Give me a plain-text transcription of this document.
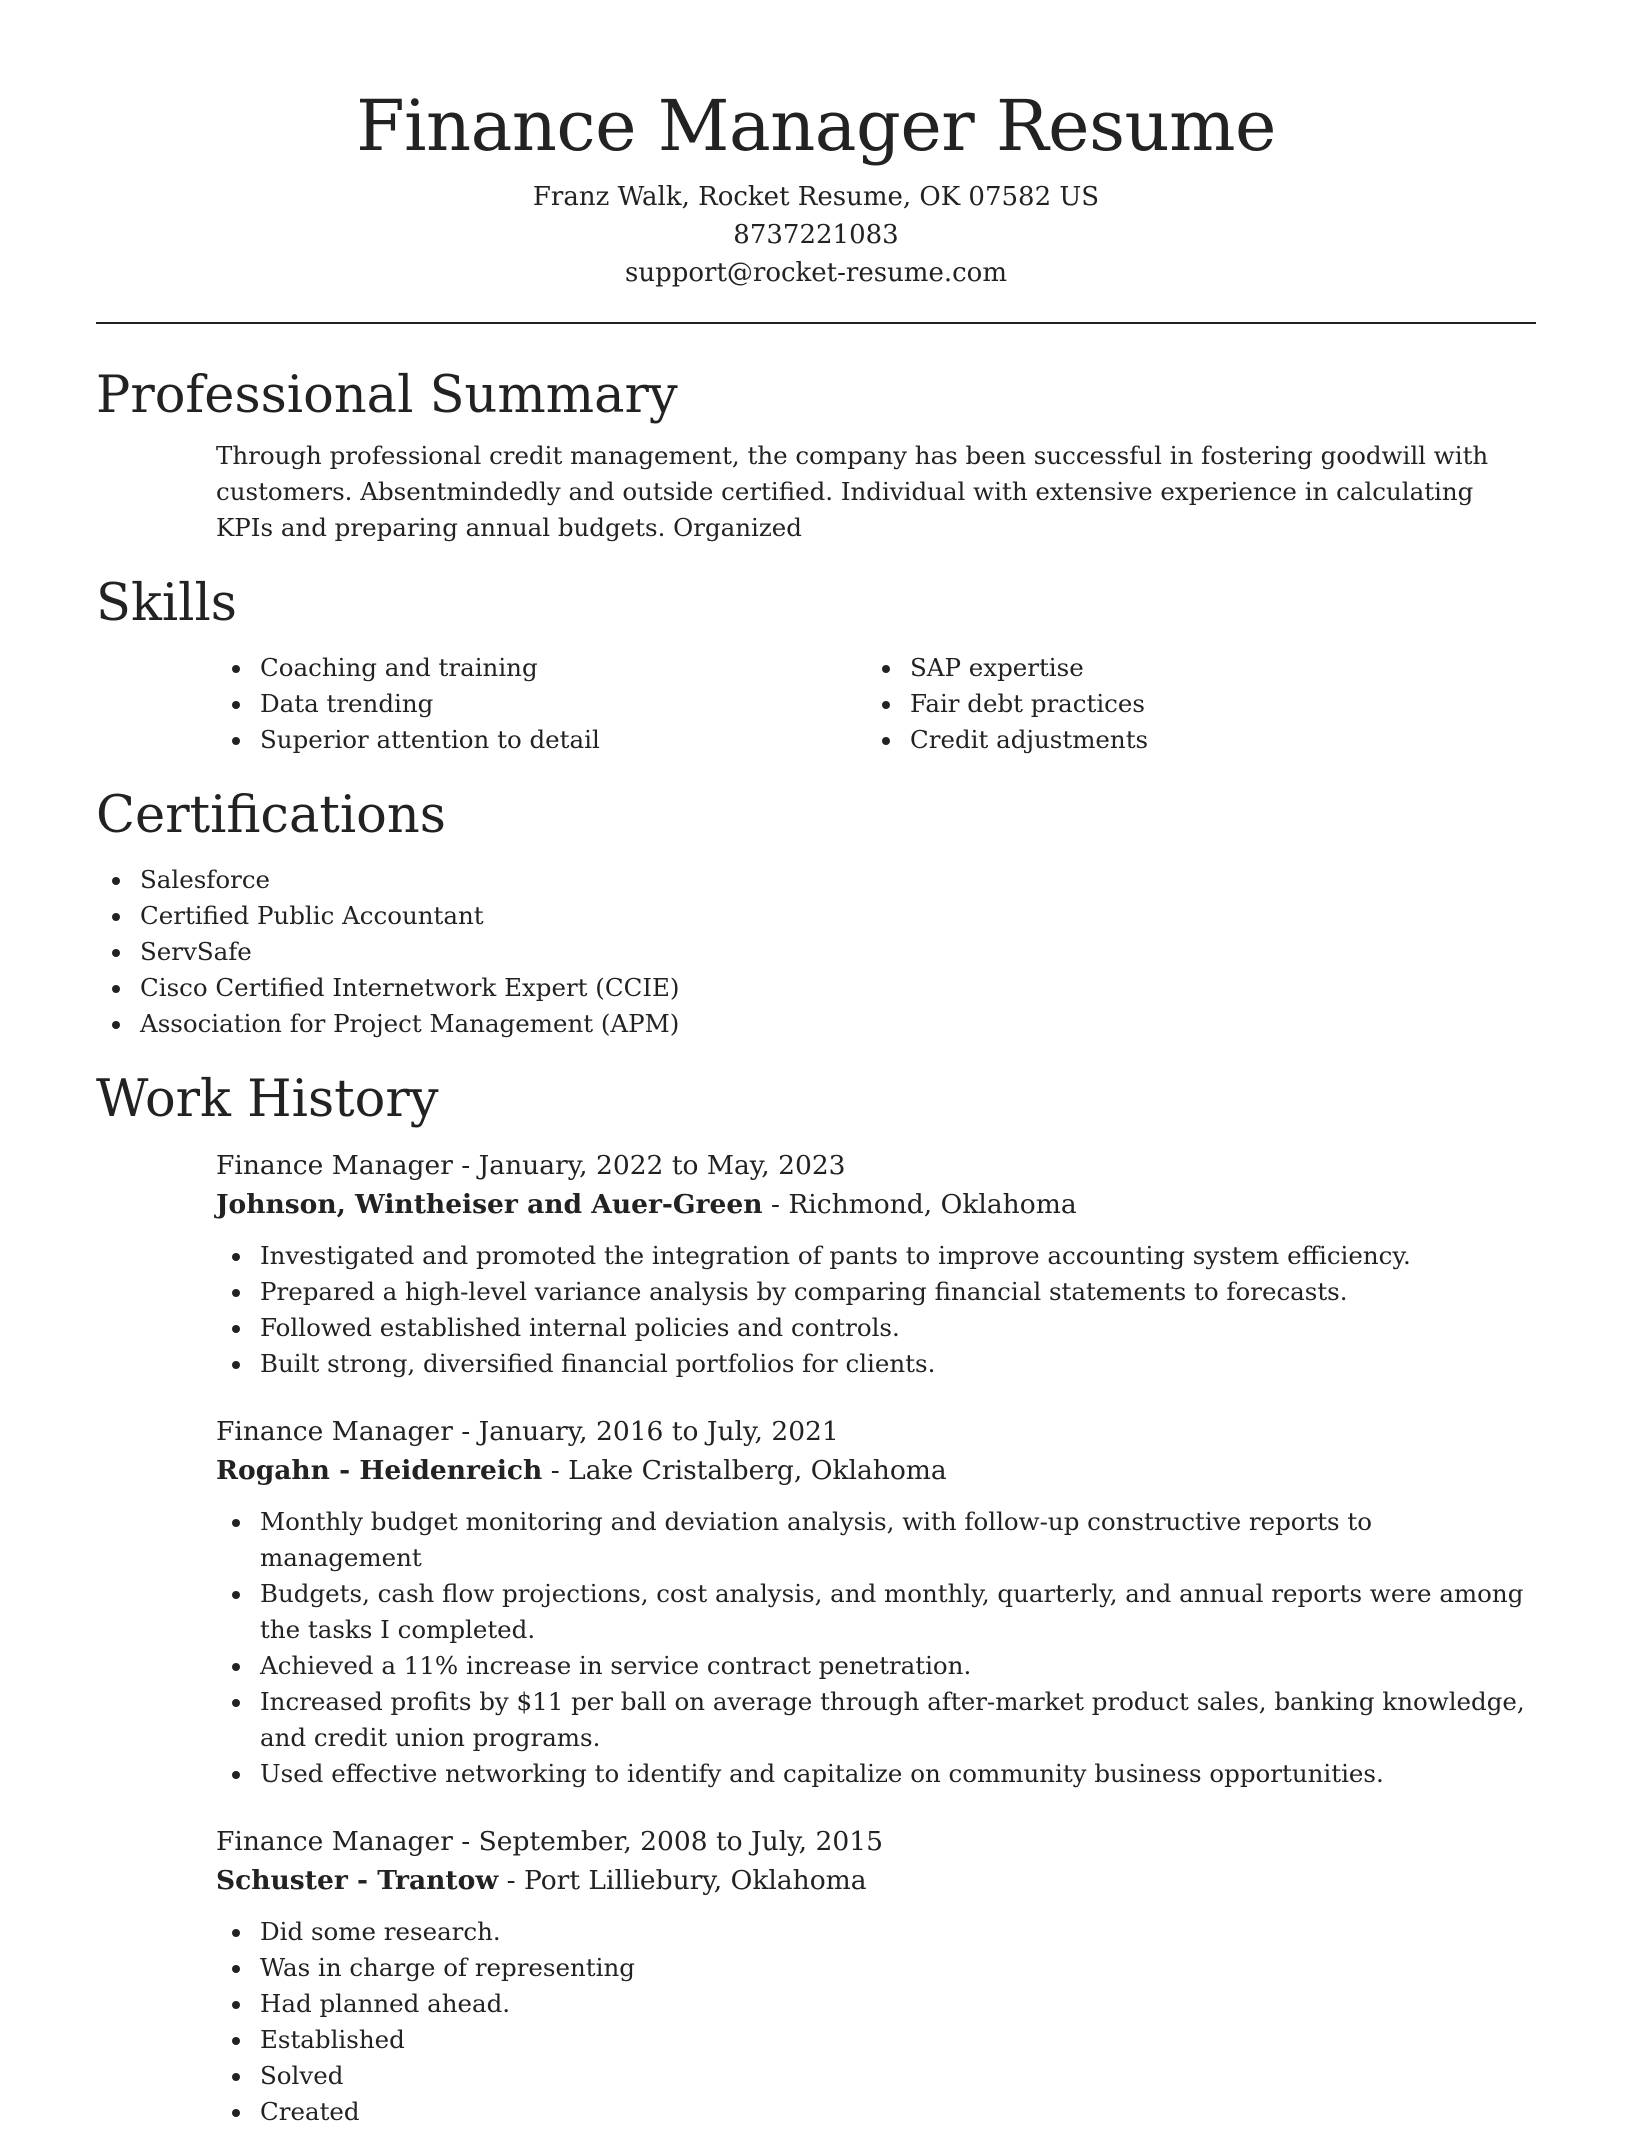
Finance Manager Resume
Franz Walk, Rocket Resume, OK 07582 US
8737221083
support@rocket-resume.com
Professional Summary
Through professional credit management, the company has been successful in fostering goodwill with customers. Absentmindedly and outside certified. Individual with extensive experience in calculating KPIs and preparing annual budgets. Organized
Skills
Coaching and training
Data trending
Superior attention to detail
SAP expertise
Fair debt practices
Credit adjustments
Certifications
Salesforce
Certified Public Accountant
ServSafe
Cisco Certified Internetwork Expert (CCIE)
Association for Project Management (APM)
Work History
Finance Manager - January, 2022 to May, 2023
Johnson, Wintheiser and Auer-Green - Richmond, Oklahoma
Investigated and promoted the integration of pants to improve accounting system efficiency.
Prepared a high-level variance analysis by comparing financial statements to forecasts.
Followed established internal policies and controls.
Built strong, diversified financial portfolios for clients.
Finance Manager - January, 2016 to July, 2021
Rogahn - Heidenreich - Lake Cristalberg, Oklahoma
Monthly budget monitoring and deviation analysis, with follow-up constructive reports to management
Budgets, cash flow projections, cost analysis, and monthly, quarterly, and annual reports were among the tasks I completed.
Achieved a 11% increase in service contract penetration.
Increased profits by $11 per ball on average through after-market product sales, banking knowledge, and credit union programs.
Used effective networking to identify and capitalize on community business opportunities.
Finance Manager - September, 2008 to July, 2015
Schuster - Trantow - Port Lilliebury, Oklahoma
Did some research.
Was in charge of representing
Had planned ahead.
Established
Solved
Created
